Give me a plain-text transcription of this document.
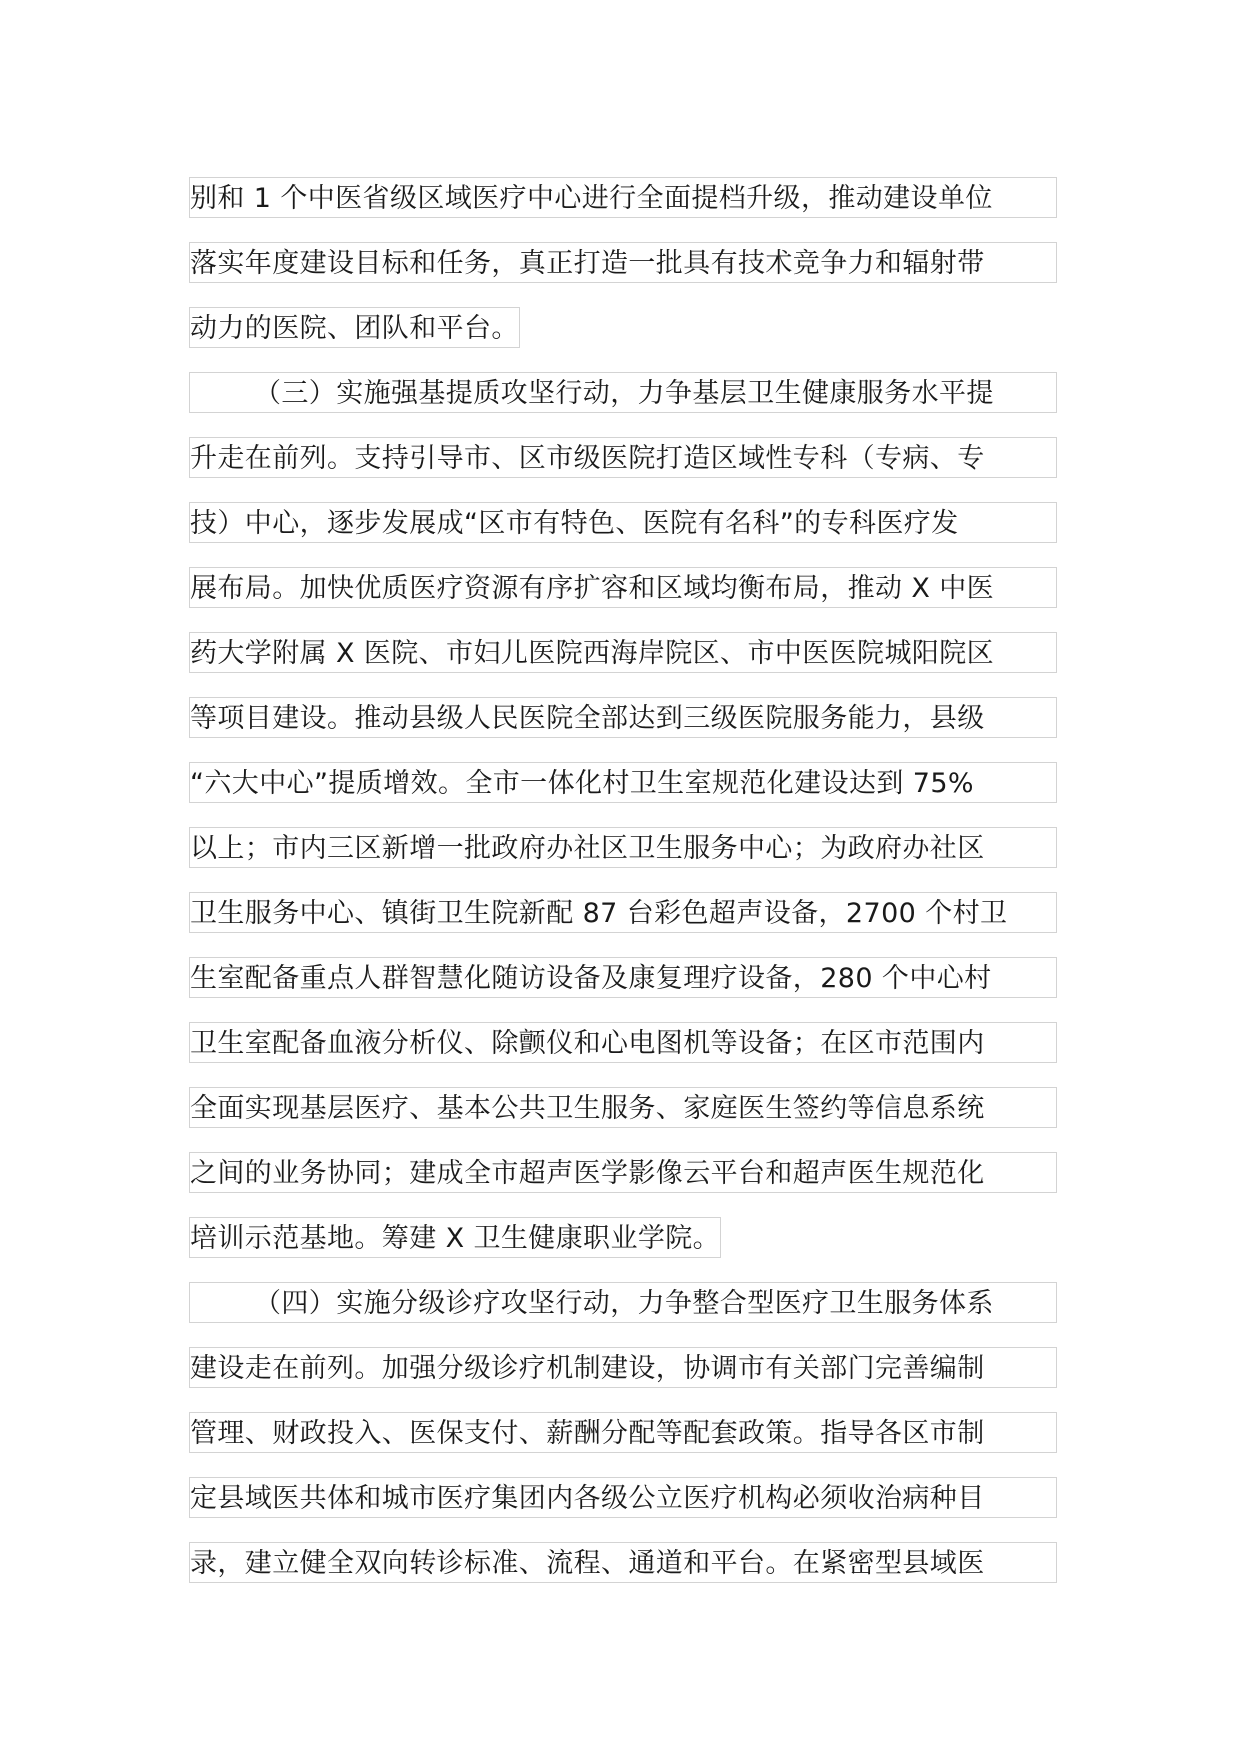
别和 1 个中医省级区域医疗中心进行全面提档升级，推动建设单位
落实年度建设目标和任务，真正打造一批具有技术竞争力和辐射带
动力的医院、团队和平台。
（三）实施强基提质攻坚行动，力争基层卫生健康服务水平提
升走在前列。支持引导市、区市级医院打造区域性专科（专病、专
技）中心，逐步发展成“区市有特色、医院有名科”的专科医疗发
展布局。加快优质医疗资源有序扩容和区域均衡布局，推动 X 中医
药大学附属 X 医院、市妇儿医院西海岸院区、市中医医院城阳院区
等项目建设。推动县级人民医院全部达到三级医院服务能力，县级
“六大中心”提质增效。全市一体化村卫生室规范化建设达到 75%
以上；市内三区新增一批政府办社区卫生服务中心；为政府办社区
卫生服务中心、镇街卫生院新配 87 台彩色超声设备，2700 个村卫
生室配备重点人群智慧化随访设备及康复理疗设备，280 个中心村
卫生室配备血液分析仪、除颤仪和心电图机等设备；在区市范围内
全面实现基层医疗、基本公共卫生服务、家庭医生签约等信息系统
之间的业务协同；建成全市超声医学影像云平台和超声医生规范化
培训示范基地。筹建 X 卫生健康职业学院。
（四）实施分级诊疗攻坚行动，力争整合型医疗卫生服务体系
建设走在前列。加强分级诊疗机制建设，协调市有关部门完善编制
管理、财政投入、医保支付、薪酬分配等配套政策。指导各区市制
定县域医共体和城市医疗集团内各级公立医疗机构必须收治病种目
录，建立健全双向转诊标准、流程、通道和平台。在紧密型县域医
